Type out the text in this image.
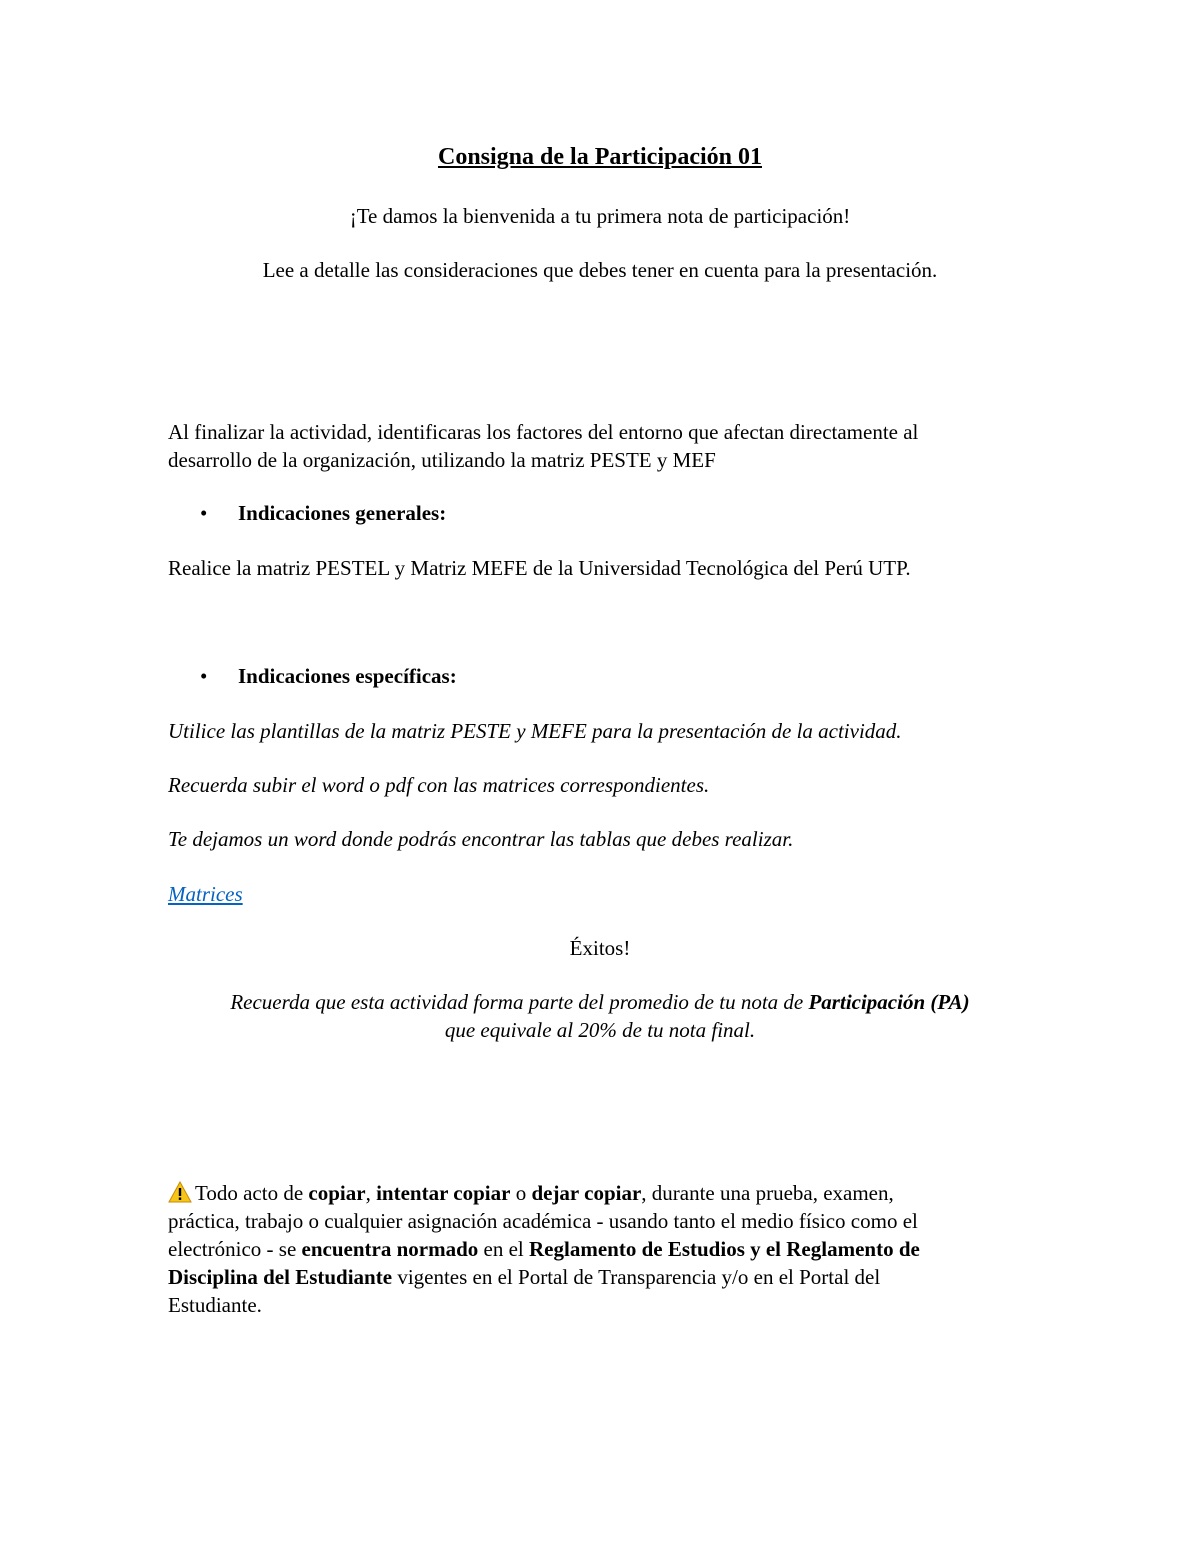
Consigna de la Participación 01
¡Te damos la bienvenida a tu primera nota de participación!
Lee a detalle las consideraciones que debes tener en cuenta para la presentación.
Al finalizar la actividad, identificaras los factores del entorno que afectan directamente al
desarrollo de la organización, utilizando la matriz PESTE y MEF
• Indicaciones generales:
Realice la matriz PESTEL y Matriz MEFE de la Universidad Tecnológica del Perú UTP.
• Indicaciones específicas:
Utilice las plantillas de la matriz PESTE y MEFE para la presentación de la actividad.
Recuerda subir el word o pdf con las matrices correspondientes.
Te dejamos un word donde podrás encontrar las tablas que debes realizar.
Matrices
Éxitos!
Recuerda que esta actividad forma parte del promedio de tu nota de Participación (PA)
que equivale al 20% de tu nota final.
Todo acto de copiar, intentar copiar o dejar copiar, durante una prueba, examen,
práctica, trabajo o cualquier asignación académica - usando tanto el medio físico como el
electrónico - se encuentra normado en el Reglamento de Estudios y el Reglamento de
Disciplina del Estudiante vigentes en el Portal de Transparencia y/o en el Portal del
Estudiante.
